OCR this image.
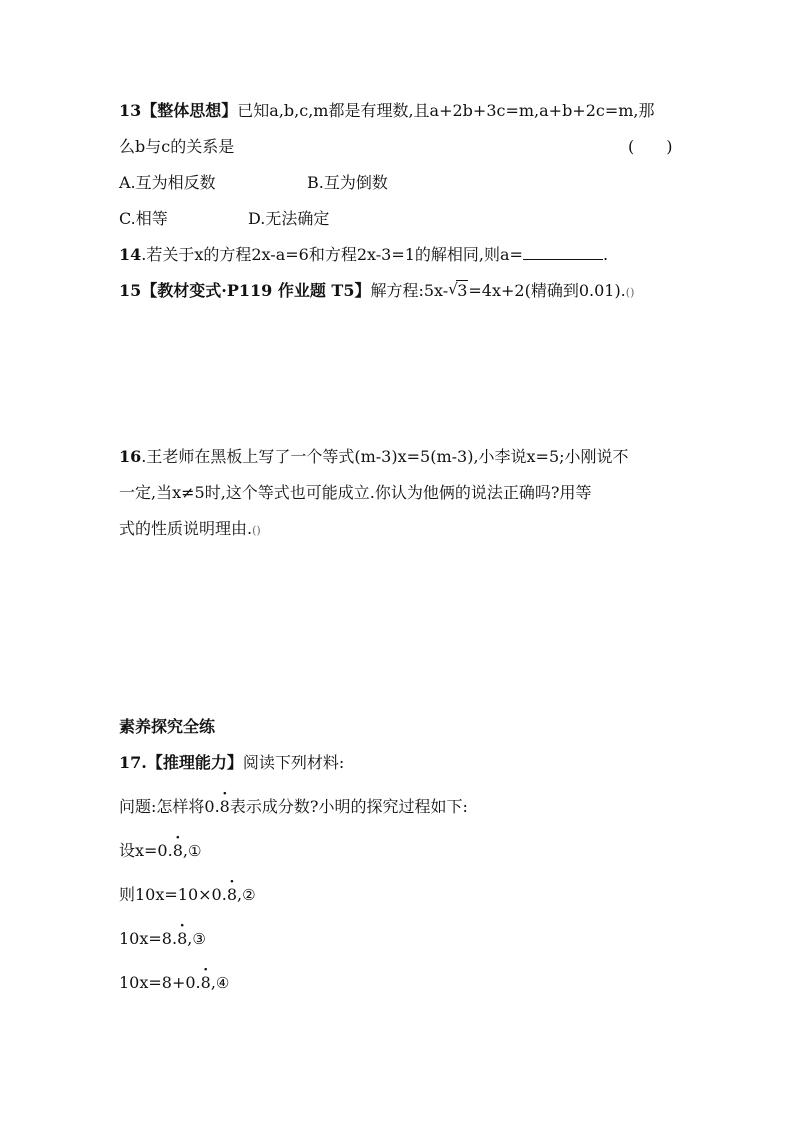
13【整体思想】已知a,b,c,m都是有理数,且a+2b+3c=m,a+b+2c=m,那
么b与c的关系是	(　　)
A.互为相反数	B.互为倒数
C.相等	D.无法确定
14.若关于x的方程2x-a=6和方程2x-3=1的解相同,则a=	.
15【教材变式·P119 作业题 T5】解方程:5x- √ 3=4x+2(精确到0.01).()
16.王老师在黑板上写了一个等式(m-3)x=5(m-3),小李说x=5;小刚说不
一定,当x≠5时,这个等式也可能成立.你认为他俩的说法正确吗?用等
式的性质说明理由.()
素养探究全练
17.【推理能力】阅读下列材料:
问题:怎样将0.· 8表示成分数?小明的探究过程如下:
设x=0.· 8,①
则10x=10×0.· 8,②
10x=8.· 8,③
10x=8+0.· 8,④
